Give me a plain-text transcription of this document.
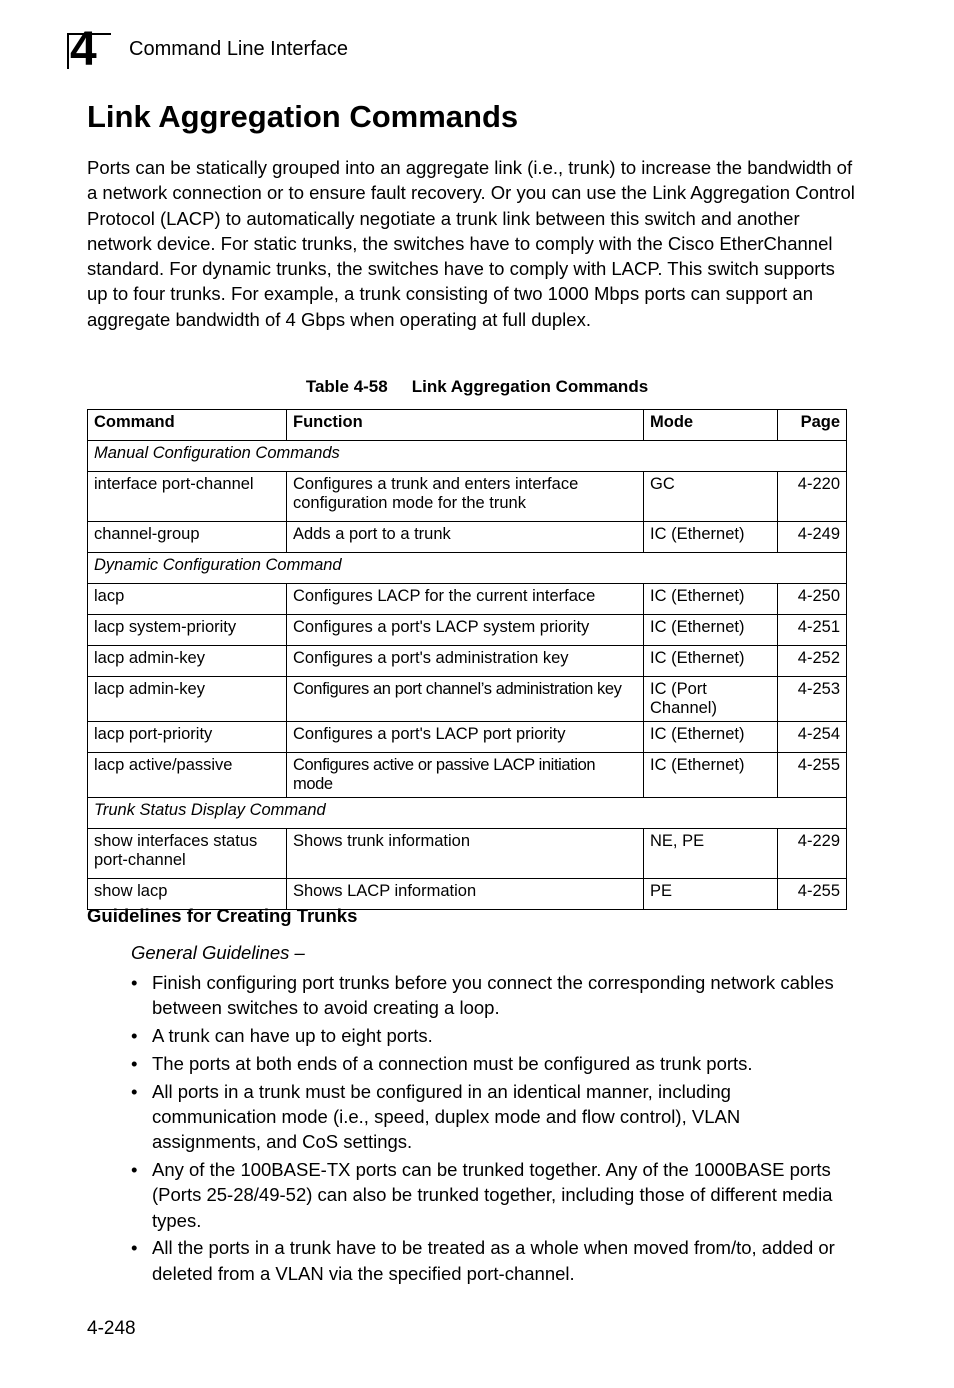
4 Command Line Interface
Link Aggregation Commands

Ports can be statically grouped into an aggregate link (i.e., trunk) to increase the bandwidth of a network connection or to ensure fault recovery. Or you can use the Link Aggregation Control Protocol (LACP) to automatically negotiate a trunk link between this switch and another network device. For static trunks, the switches have to comply with the Cisco EtherChannel standard. For dynamic trunks, the switches have to comply with LACP. This switch supports up to four trunks. For example, a trunk consisting of two 1000 Mbps ports can support an aggregate bandwidth of 4 Gbps when operating at full duplex.

Table 4-58 Link Aggregation Commands
Command	Function	Mode	Page
Manual Configuration Commands			
interface port-channel	Configures a trunk and enters interface configuration mode for the trunk	GC	4-220
channel-group	Adds a port to a trunk	IC (Ethernet)	4-249
Dynamic Configuration Command			
lacp	Configures LACP for the current interface	IC (Ethernet)	4-250
lacp system-priority	Configures a port's LACP system priority	IC (Ethernet)	4-251
lacp admin-key	Configures a port's administration key	IC (Ethernet)	4-252
lacp admin-key	Configures an port channel’s administration key	IC (Port Channel)	4-253
lacp port-priority	Configures a port's LACP port priority	IC (Ethernet)	4-254
lacp active/passive	Configures active or passive LACP initiation mode	IC (Ethernet)	4-255
Trunk Status Display Command			
show interfaces status port-channel	Shows trunk information	NE, PE	4-229
show lacp	Shows LACP information	PE	4-255
Guidelines for Creating Trunks
General Guidelines –
• Finish configuring port trunks before you connect the corresponding network cables between switches to avoid creating a loop.
• A trunk can have up to eight ports.
• The ports at both ends of a connection must be configured as trunk ports.
• All ports in a trunk must be configured in an identical manner, including communication mode (i.e., speed, duplex mode and flow control), VLAN assignments, and CoS settings.
• Any of the 100BASE-TX ports can be trunked together. Any of the 1000BASE ports (Ports 25-28/49-52) can also be trunked together, including those of different media types.
• All the ports in a trunk have to be treated as a whole when moved from/to, added or deleted from a VLAN via the specified port-channel.
4-248
